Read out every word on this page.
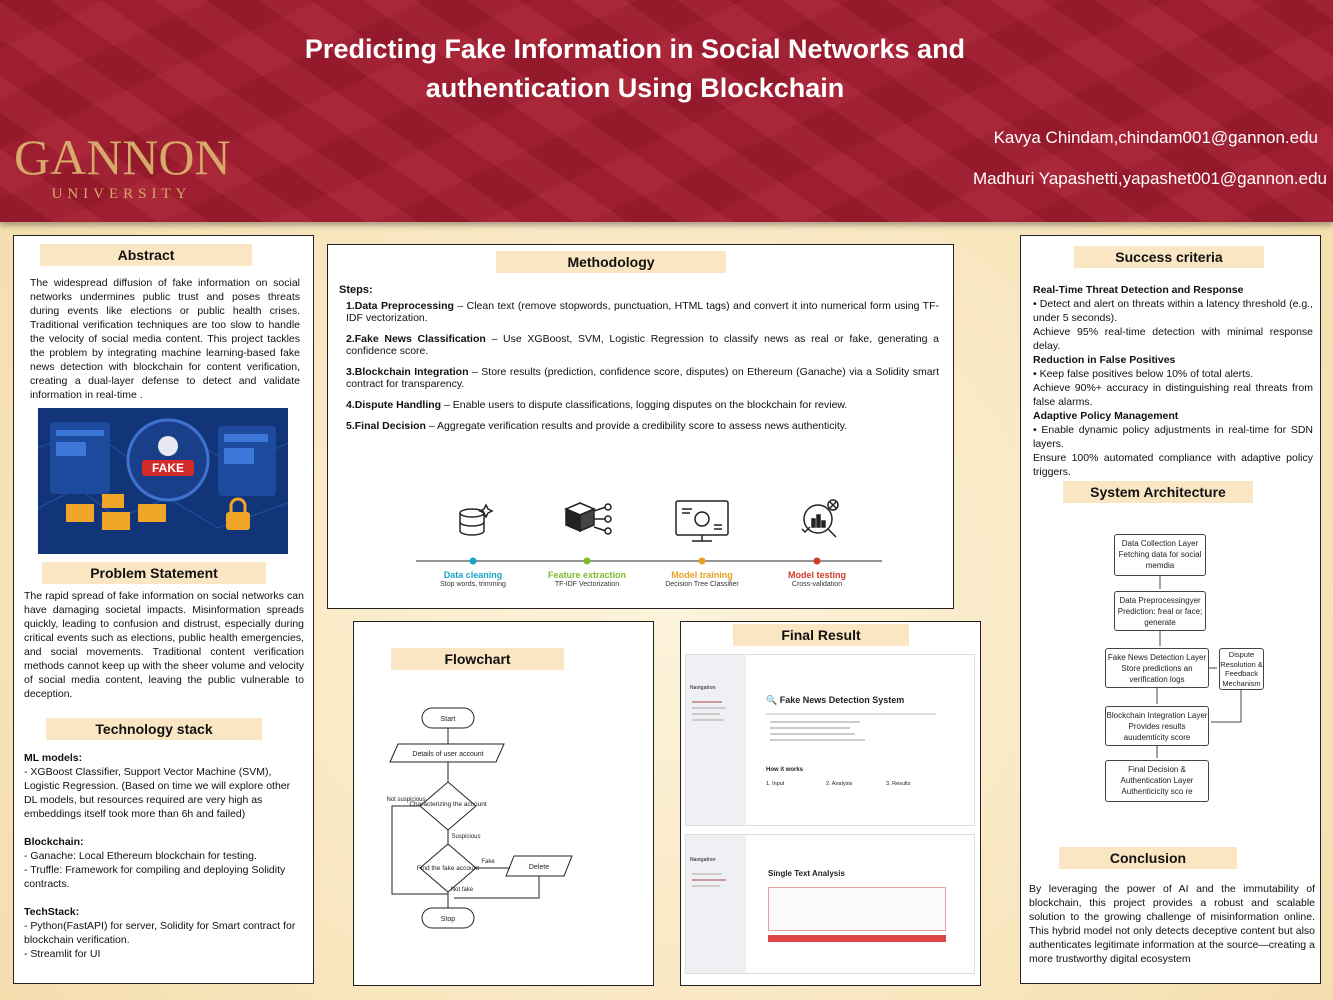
Predicting Fake Information in Social Networks and
authentication Using Blockchain
GANNON
UNIVERSITY
Kavya Chindam,chindam001@gannon.edu
Madhuri Yapashetti,yapashet001@gannon.edu
Abstract
The widespread diffusion of fake information on social networks undermines public trust and poses threats during events like elections or public health crises. Traditional verification techniques are too slow to handle the velocity of social media content. This project tackles the problem by integrating machine learning-based fake news detection with blockchain for content verification, creating a dual-layer defense to detect and validate information in real-time .
FAKE
Problem Statement
The rapid spread of fake information on social networks can have damaging societal impacts. Misinformation spreads quickly, leading to confusion and distrust, especially during critical events such as elections, public health emergencies, and social movements. Traditional content verification methods cannot keep up with the sheer volume and velocity of social media content, leaving the public vulnerable to deception.
Technology stack
ML models:
- XGBoost Classifier, Support Vector Machine (SVM), Logistic Regression. (Based on time we will explore other DL models, but resources required are very high as embeddings itself took more than 6h and failed)
Blockchain:
- Ganache: Local Ethereum blockchain for testing.
- Truffle: Framework for compiling and deploying Solidity contracts.
TechStack:
- Python(FastAPI) for server, Solidity for Smart contract for blockchain verification.
- Streamlit for UI
Methodology
Steps:
1.Data Preprocessing – Clean text (remove stopwords, punctuation, HTML tags) and convert it into numerical form using TF-IDF vectorization.
2.Fake News Classification – Use XGBoost, SVM, Logistic Regression to classify news as real or fake, generating a confidence score.
3.Blockchain Integration – Store results (prediction, confidence score, disputes) on Ethereum (Ganache) via a Solidity smart contract for transparency.
4.Dispute Handling – Enable users to dispute classifications, logging disputes on the blockchain for review.
5.Final Decision – Aggregate verification results and provide a credibility score to assess news authenticity.
Data cleaning
Stop words, trimming
Feature extraction
TF-IDF Vectorization
Model training
Decision Tree Classifier
Model testing
Cross-validation
Flowchart
Start
Details of user account
Characterizing the account
Suspicious
Not suspicious
Find the fake account
Fake
Delete
Not fake
Stop
Final Result
Navigation
🔍 Fake News Detection System
How it works
1. Input	2. Analysis	3. Results
Navigation
Single Text Analysis
Success criteria
Real-Time Threat Detection and Response
• Detect and alert on threats within a latency threshold (e.g., under 5 seconds).
Achieve 95% real-time detection with minimal response delay.
Reduction in False Positives
• Keep false positives below 10% of total alerts.
Achieve 90%+ accuracy in distinguishing real threats from false alarms.
Adaptive Policy Management
• Enable dynamic policy adjustments in real-time for SDN layers.
Ensure 100% automated compliance with adaptive policy triggers.
System Architecture
Data Collection Layer Fetching data for social memdia
Data Preprocessingyer Prediction: freal or face; generate
Fake News Detection Layer Store predictions an verification logs
Dispute Resolution & Feedback Mechanism
Blockchain Integration Layer Provides results auudemticity score
Final Decision & Authentication Layer Authenticicity sco re
Conclusion
By leveraging the power of AI and the immutability of blockchain, this project provides a robust and scalable solution to the growing challenge of misinformation online. This hybrid model not only detects deceptive content but also authenticates legitimate information at the source—creating a more trustworthy digital ecosystem
